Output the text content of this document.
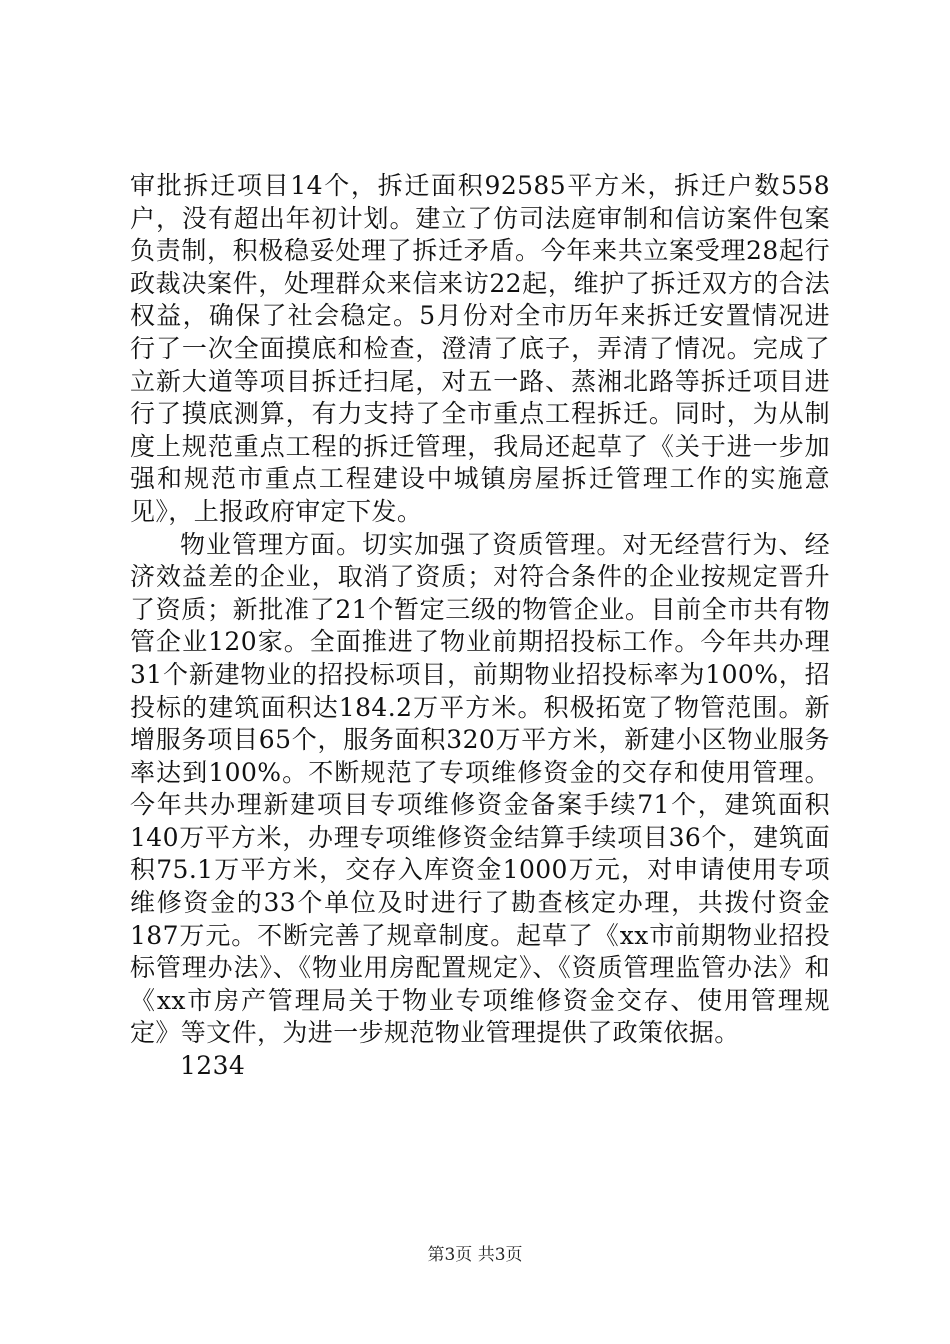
审批拆迁项目14个，拆迁面积92585平方米，拆迁户数558户，没有超出年初计划。建立了仿司法庭审制和信访案件包案负责制，积极稳妥处理了拆迁矛盾。今年来共立案受理28起行政裁决案件，处理群众来信来访22起，维护了拆迁双方的合法权益，确保了社会稳定。5月份对全市历年来拆迁安置情况进行了一次全面摸底和检查，澄清了底子，弄清了情况。完成了立新大道等项目拆迁扫尾，对五一路、蒸湘北路等拆迁项目进行了摸底测算，有力支持了全市重点工程拆迁。同时，为从制度上规范重点工程的拆迁管理，我局还起草了《关于进一步加强和规范市重点工程建设中城镇房屋拆迁管理工作的实施意见》，上报政府审定下发。

物业管理方面。切实加强了资质管理。对无经营行为、经济效益差的企业，取消了资质；对符合条件的企业按规定晋升了资质；新批准了21个暂定三级的物管企业。目前全市共有物管企业120家。全面推进了物业前期招投标工作。今年共办理31个新建物业的招投标项目，前期物业招投标率为100%，招投标的建筑面积达184.2万平方米。积极拓宽了物管范围。新增服务项目65个，服务面积320万平方米，新建小区物业服务率达到100%。不断规范了专项维修资金的交存和使用管理。今年共办理新建项目专项维修资金备案手续71个，建筑面积140万平方米，办理专项维修资金结算手续项目36个，建筑面积75.1万平方米，交存入库资金1000万元，对申请使用专项维修资金的33个单位及时进行了勘查核定办理，共拨付资金187万元。不断完善了规章制度。起草了《xx市前期物业招投标管理办法》、《物业用房配置规定》、《资质管理监管办法》和《xx市房产管理局关于物业专项维修资金交存、使用管理规定》等文件，为进一步规范物业管理提供了政策依据。

1234

第3页 共3页
